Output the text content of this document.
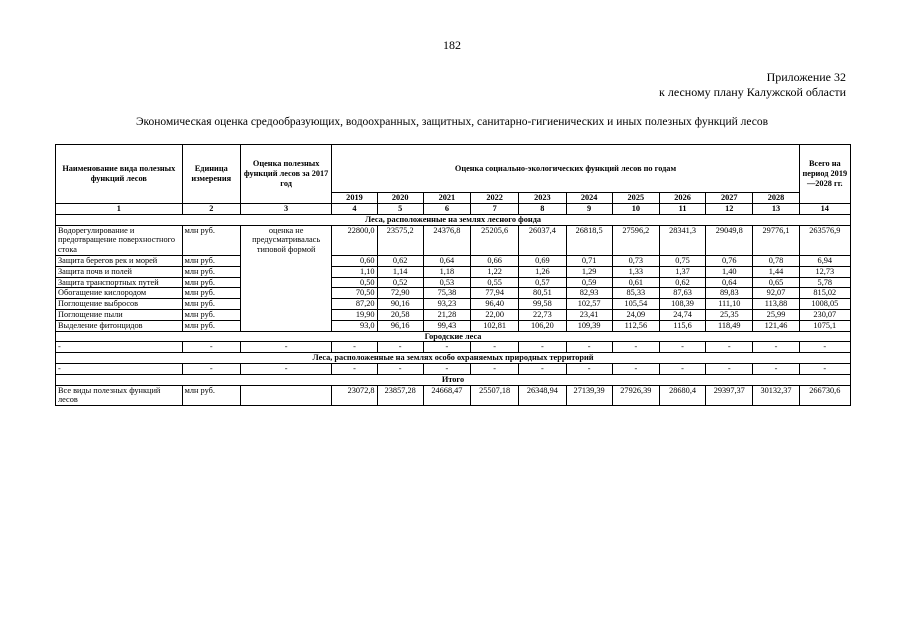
182
Приложение 32
к лесному плану Калужской области
Экономическая оценка средообразующих, водоохранных, защитных, санитарно-гигиенических и иных полезных функций лесов
Наименование вида полезных функций лесов	Единица измерения	Оценка полезных функций лесов за 2017 год	Оценка социально-экологических функций лесов по годам										Всего на период 2019—2028 гг.
			2019	2020	2021	2022	2023	2024	2025	2026	2027	2028	
1	2	3	4	5	6	7	8	9	10	11	12	13	14
Леса, расположенные на землях лесного фонда													
Водорегулирование и предотвращение поверхностного стока	млн руб.	оценка не предусматривалась типовой формой	22800,0	23575,2	24376,8	25205,6	26037,4	26818,5	27596,2	28341,3	29049,8	29776,1	263576,9
Защита берегов рек и морей	млн руб.		0,60	0,62	0,64	0,66	0,69	0,71	0,73	0,75	0,76	0,78	6,94
Защита почв и полей	млн руб.		1,10	1,14	1,18	1,22	1,26	1,29	1,33	1,37	1,40	1,44	12,73
Защита транспортных путей	млн руб.		0,50	0,52	0,53	0,55	0,57	0,59	0,61	0,62	0,64	0,65	5,78
Обогащение кислородом	млн руб.		70,50	72,90	75,38	77,94	80,51	82,93	85,33	87,63	89,83	92,07	815,02
Поглощение выбросов	млн руб.		87,20	90,16	93,23	96,40	99,58	102,57	105,54	108,39	111,10	113,88	1008,05
Поглощение пыли	млн руб.		19,90	20,58	21,28	22,00	22,73	23,41	24,09	24,74	25,35	25,99	230,07
Выделение фитонцидов	млн руб.		93,0	96,16	99,43	102,81	106,20	109,39	112,56	115,6	118,49	121,46	1075,1
Городские леса													
-	-	-	-	-	-	-	-	-	-	-	-	-	-
Леса, расположенные на землях особо охраняемых природных территорий													
-	-	-	-	-	-	-	-	-	-	-	-	-	-
Итого													
Все виды полезных функций лесов	млн руб.		23072,8	23857,28	24668,47	25507,18	26348,94	27139,39	27926,39	28680,4	29397,37	30132,37	266730,6
